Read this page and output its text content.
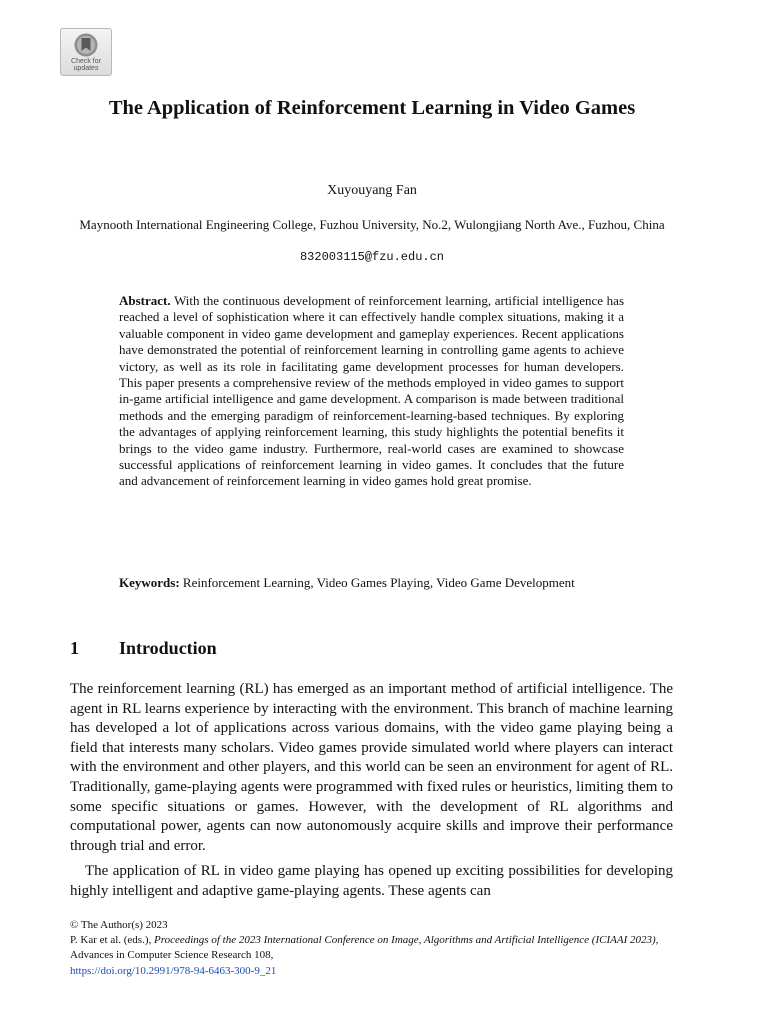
Check for
updates
The Application of Reinforcement Learning in Video Games

Xuyouyang Fan

Maynooth International Engineering College, Fuzhou University, No.2, Wulongjiang North Ave., Fuzhou, China

832003115@fzu.edu.cn

Abstract. With the continuous development of reinforcement learning, artificial intelligence has reached a level of sophistication where it can effectively handle complex situations, making it a valuable component in video game development and gameplay experiences. Recent applications have demonstrated the potential of reinforcement learning in controlling game agents to achieve victory, as well as its role in facilitating game development processes for human developers. This paper presents a comprehensive review of the methods employed in video games to support in-game artificial intelligence and game development. A comparison is made between traditional methods and the emerging paradigm of reinforcement-learning-based techniques. By exploring the advantages of applying reinforcement learning, this study highlights the potential benefits it brings to the video game industry. Furthermore, real-world cases are examined to showcase successful applications of reinforcement learning in video games. It concludes that the future and advancement of reinforcement learning in video games hold great promise.

Keywords: Reinforcement Learning, Video Games Playing, Video Game Development

1 Introduction

The reinforcement learning (RL) has emerged as an important method of artificial intelligence. The agent in RL learns experience by interacting with the environment. This branch of machine learning has developed a lot of applications across various domains, with the video game playing being a field that interests many scholars. Video games provide simulated world where players can interact with the environment and other players, and this world can be seen an environment for agent of RL. Traditionally, game-playing agents were programmed with fixed rules or heuristics, limiting them to some specific situations or games. However, with the development of RL algorithms and computational power, agents can now autonomously acquire skills and improve their performance through trial and error.

The application of RL in video game playing has opened up exciting possibilities for developing highly intelligent and adaptive game-playing agents. These agents can

© The Author(s) 2023
P. Kar et al. (eds.), Proceedings of the 2023 International Conference on Image, Algorithms and Artificial Intelligence (ICIAAI 2023), Advances in Computer Science Research 108,
https://doi.org/10.2991/978-94-6463-300-9_21
